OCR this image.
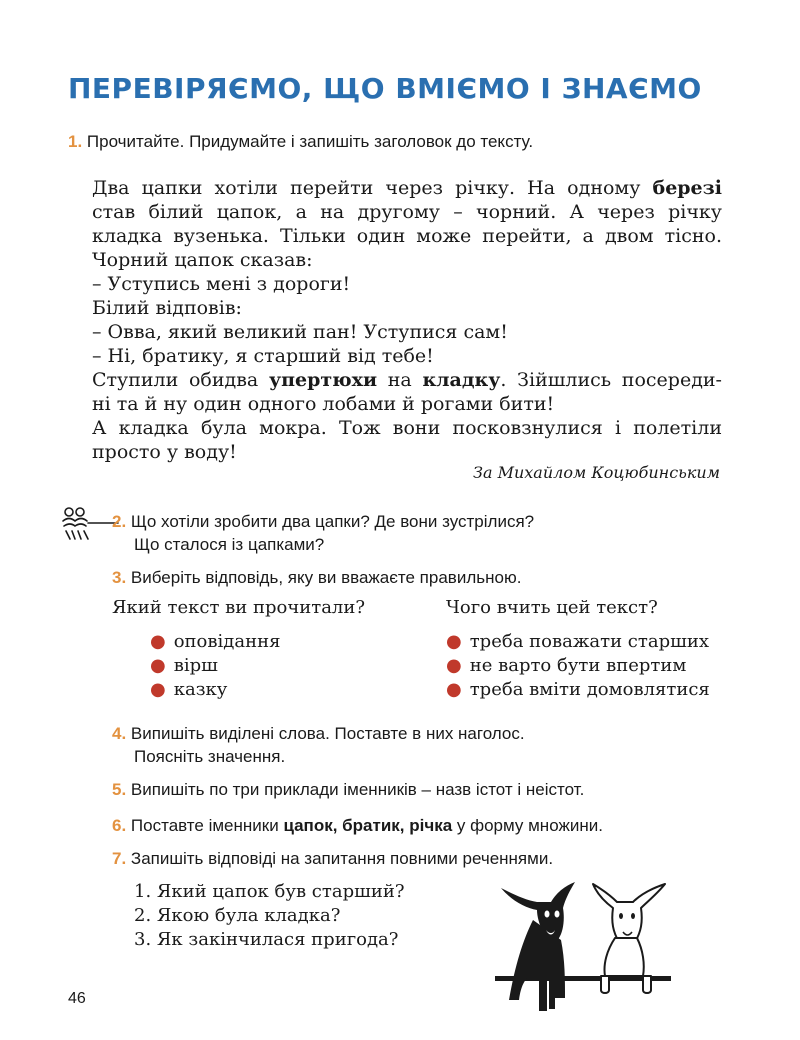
ПЕРЕВІРЯЄМО, ЩО ВМІЄМО І ЗНАЄМО
1. Прочитайте. Придумайте і запишіть заголовок до тексту.

Два цапки хотіли перейти через річку. На одному березі

став білий цапок, а на другому – чорний. А через річку

кладка вузенька. Тільки один може перейти, а двом тісно.

Чорний цапок сказав:

– Уступись мені з дороги!

Білий відповів:

– Овва, який великий пан! Уступися сам!

– Ні, братику, я старший від тебе!

Ступили обидва упертюхи на кладку. Зійшлись посереди-

ні та й ну один одного лобами й рогами бити!

А кладка була мокра. Тож вони посковзнулися і полетіли

просто у воду!

За Михайлом Коцюбинським
2. Що хотіли зробити два цапки? Де вони зустрілися?
Що сталося із цапками?
3. Виберіть відповідь, яку ви вважаєте правильною.
Який текст ви прочитали?	Чого вчить цей текст?
● оповідання
● вірш
● казку
● треба поважати старших
● не варто бути впертим
● треба вміти домовлятися
4. Випишіть виділені слова. Поставте в них наголос.
Поясніть значення.
5. Випишіть по три приклади іменників – назв істот і неістот.
6. Поставте іменники цапок, братик, річка у форму множини.
7. Запишіть відповіді на запитання повними реченнями.
1. Який цапок був старший?
2. Якою була кладка?
3. Як закінчилася пригода?
46
